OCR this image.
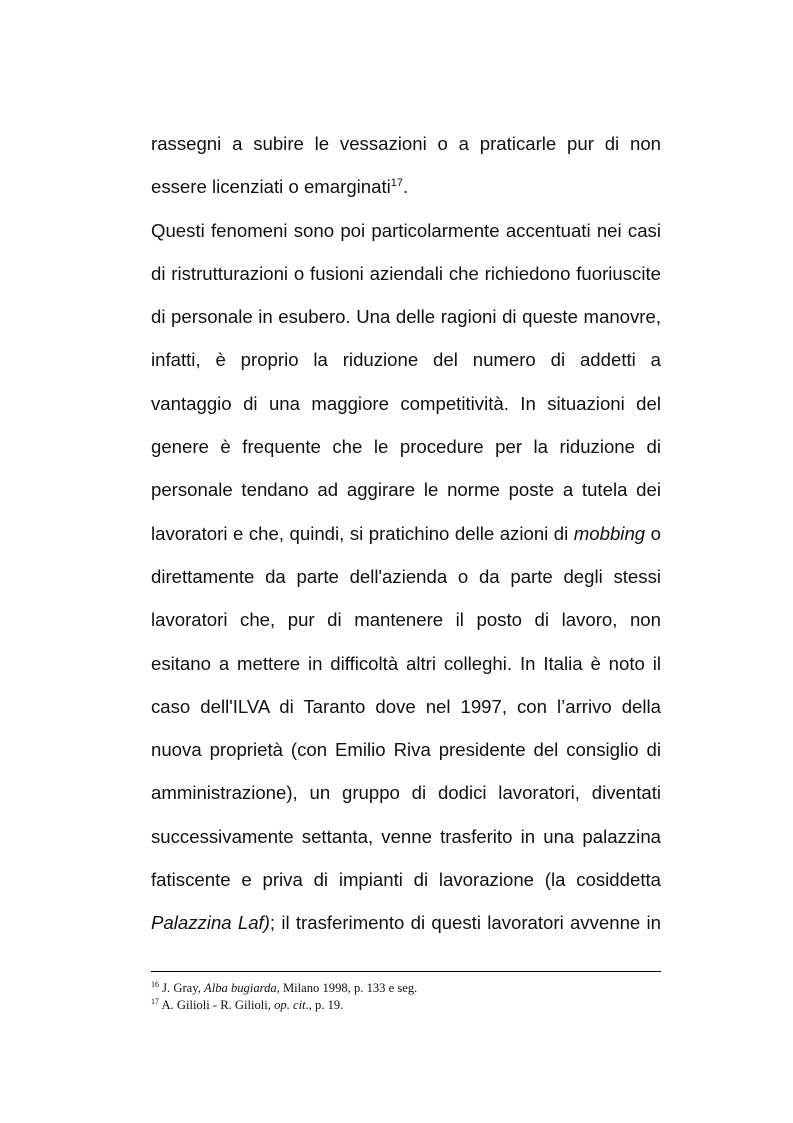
rassegni a subire le vessazioni o a praticarle pur di non
essere licenziati o emarginati$^{17}$.
Questi fenomeni sono poi particolarmente accentuati nei casi
di ristrutturazioni o fusioni aziendali che richiedono fuoriuscite
di personale in esubero. Una delle ragioni di queste manovre,
infatti, è proprio la riduzione del numero di addetti a
vantaggio di una maggiore competitività. In situazioni del
genere è frequente che le procedure per la riduzione di
personale tendano ad aggirare le norme poste a tutela dei
lavoratori e che, quindi, si pratichino delle azioni di mobbing o
direttamente da parte dell'azienda o da parte degli stessi
lavoratori che, pur di mantenere il posto di lavoro, non
esitano a mettere in difficoltà altri colleghi. In Italia è noto il
caso dell'ILVA di Taranto dove nel 1997, con l’arrivo della
nuova proprietà (con Emilio Riva presidente del consiglio di
amministrazione), un gruppo di dodici lavoratori, diventati
successivamente settanta, venne trasferito in una palazzina
fatiscente e priva di impianti di lavorazione (la cosiddetta
Palazzina Laf); il trasferimento di questi lavoratori avvenne in
$^{16}$ J. Gray, Alba bugiarda, Milano 1998, p. 133 e seg.
$^{17}$ A. Gilioli - R. Gilioli, op. cit., p. 19.
